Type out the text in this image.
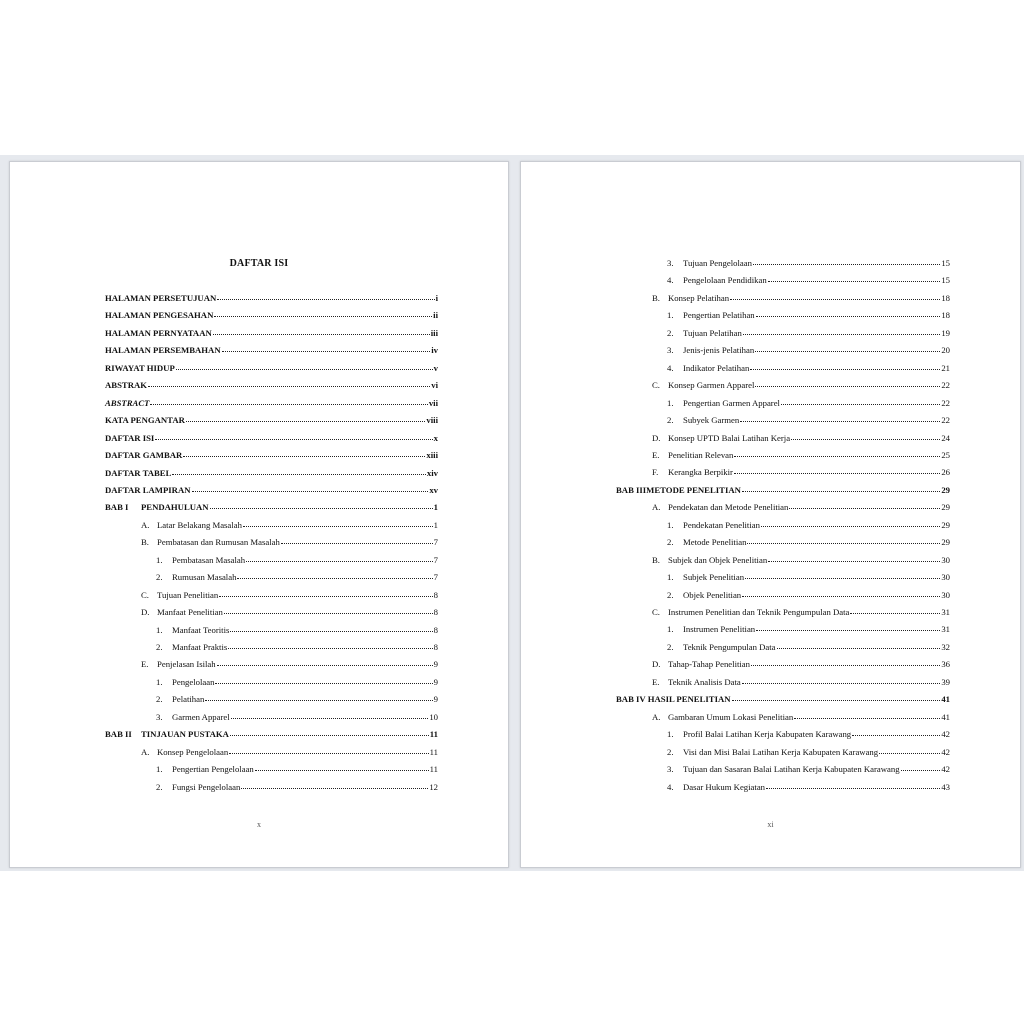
DAFTAR ISI
HALAMAN PERSETUJUAN	i
HALAMAN PENGESAHAN	ii
HALAMAN PERNYATAAN	iii
HALAMAN PERSEMBAHAN	iv
RIWAYAT HIDUP	v
ABSTRAK	vi
ABSTRACT	vii
KATA PENGANTAR	viii
DAFTAR ISI	x
DAFTAR GAMBAR	xiii
DAFTAR TABEL	xiv
DAFTAR LAMPIRAN	xv
BAB I	PENDAHULUAN	1
A. Latar Belakang Masalah	1
B. Pembatasan dan Rumusan Masalah	7
1.	Pembatasan Masalah	7
2.	Rumusan Masalah	7
C. Tujuan Penelitian	8
D. Manfaat Penelitian	8
1.	Manfaat Teoritis	8
2.	Manfaat Praktis	8
E. Penjelasan Isilah	9
1.	Pengelolaan	9
2.	Pelatihan	9
3.	Garmen Apparel	10
BAB II	TINJAUAN PUSTAKA	11
A. Konsep Pengelolaan	11
1.	Pengertian Pengelolaan	11
2.	Fungsi Pengelolaan	12
x
3.	Tujuan Pengelolaan	15
4.	Pengelolaan Pendidikan	15
B. Konsep Pelatihan	18
1.	Pengertian Pelatihan	18
2.	Tujuan Pelatihan	19
3.	Jenis-jenis Pelatihan	20
4.	Indikator Pelatihan	21
C. Konsep Garmen Apparel	22
1.	Pengertian Garmen Apparel	22
2.	Subyek Garmen	22
D. Konsep UPTD Balai Latihan Kerja	24
E. Penelitian Relevan	25
F.	Kerangka Berpikir	26
BAB IIIMETODE PENELITIAN	29
A. Pendekatan dan Metode Penelitian	29
1.	Pendekatan Penelitian	29
2.	Metode Penelitian	29
B. Subjek dan Objek Penelitian	30
1.	Subjek Penelitian	30
2.	Objek Penelitian	30
C. Instrumen Penelitian dan Teknik Pengumpulan Data	31
1.	Instrumen Penelitian	31
2.	Teknik Pengumpulan Data	32
D. Tahap-Tahap Penelitian	36
E. Teknik Analisis Data	39
BAB IV HASIL PENELITIAN	41
A. Gambaran Umum Lokasi Penelitian	41
1.	Profil Balai Latihan Kerja Kabupaten Karawang	42
2.	Visi dan Misi Balai Latihan Kerja Kabupaten Karawang	42
3.	Tujuan dan Sasaran Balai Latihan Kerja Kabupaten Karawang	42
4.	Dasar Hukum Kegiatan	43
xi
